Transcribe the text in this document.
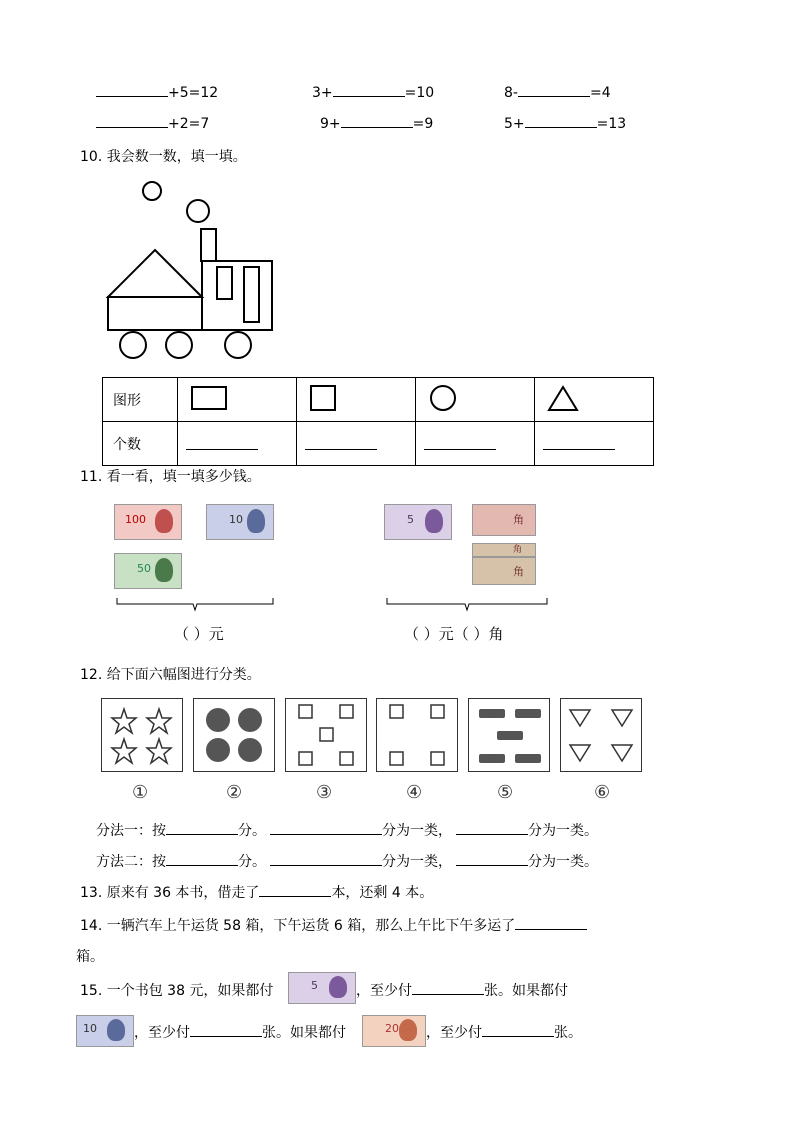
+5=12	3+	=10	8-	=4
+2=7	9+	=9	5+	=13
10. 我会数一数，填一填。
图形				
个数				
11. 看一看，填一填多少钱。
100	10
50
（ ）元
5	角
角
角
（ ）元（ ）角
12. 给下面六幅图进行分类。
①	②	③	④	⑤	⑥
分法一：按	分。	分为一类，	分为一类。
方法二：按	分。	分为一类，	分为一类。
13. 原来有 36 本书，借走了	本，还剩 4 本。
14. 一辆汽车上午运货 58 箱，下午运货 6 箱，那么上午比下午多运了
箱。
15. 一个书包 38 元，如果都付	5	，至少付	张。如果都付
10	，至少付	张。如果都付	20 ，至少付	张。
